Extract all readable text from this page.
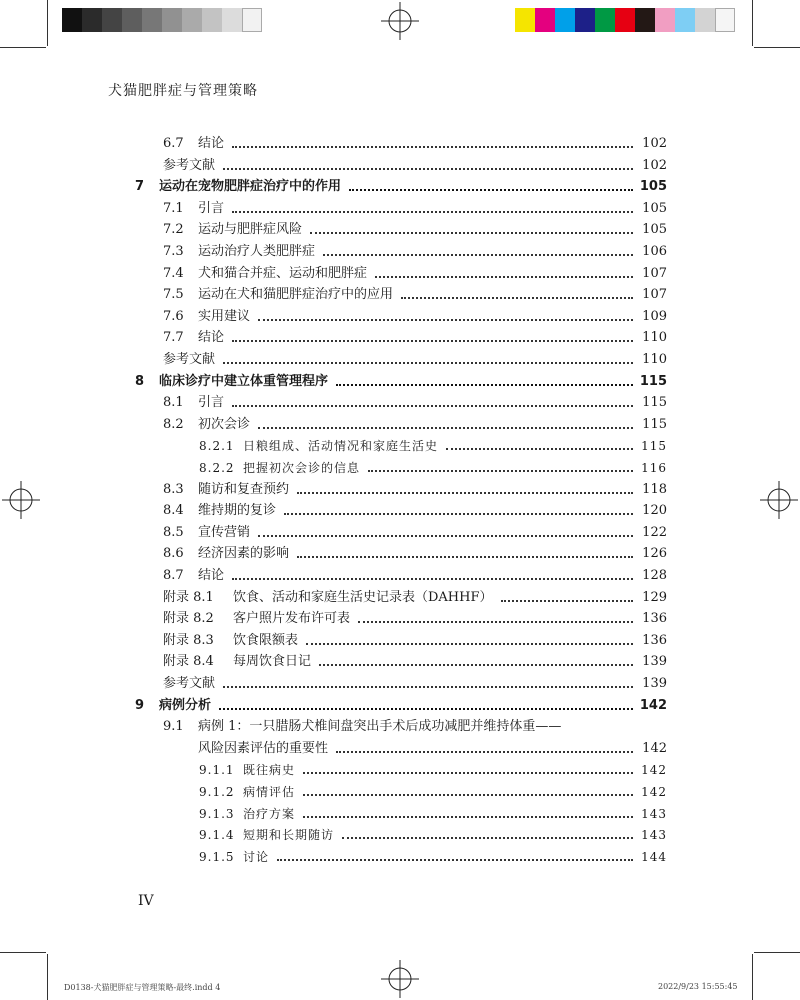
犬猫肥胖症与管理策略
6.7	结论	102
参考文献	102
7	运动在宠物肥胖症治疗中的作用	105
7.1	引言	105
7.2	运动与肥胖症风险	105
7.3	运动治疗人类肥胖症	106
7.4	犬和猫合并症、运动和肥胖症	107
7.5	运动在犬和猫肥胖症治疗中的应用	107
7.6	实用建议	109
7.7	结论	110
参考文献	110
8	临床诊疗中建立体重管理程序	115
8.1	引言	115
8.2	初次会诊	115
8.2.1 日粮组成、活动情况和家庭生活史	115
8.2.2 把握初次会诊的信息	116
8.3	随访和复查预约	118
8.4	维持期的复诊	120
8.5	宣传营销	122
8.6	经济因素的影响	126
8.7	结论	128
附录 8.1	饮食、活动和家庭生活史记录表（DAHHF）	129
附录 8.2	客户照片发布许可表	136
附录 8.3	饮食限额表	136
附录 8.4	每周饮食日记	139
参考文献	139
9	病例分析	142
9.1	病例 1：一只腊肠犬椎间盘突出手术后成功减肥并维持体重——
风险因素评估的重要性	142
9.1.1 既往病史	142
9.1.2 病情评估	142
9.1.3 治疗方案	143
9.1.4 短期和长期随访	143
9.1.5 讨论	144
IV
D0138-犬猫肥胖症与管理策略-最终.indd 4	2022/9/23 15:55:45
